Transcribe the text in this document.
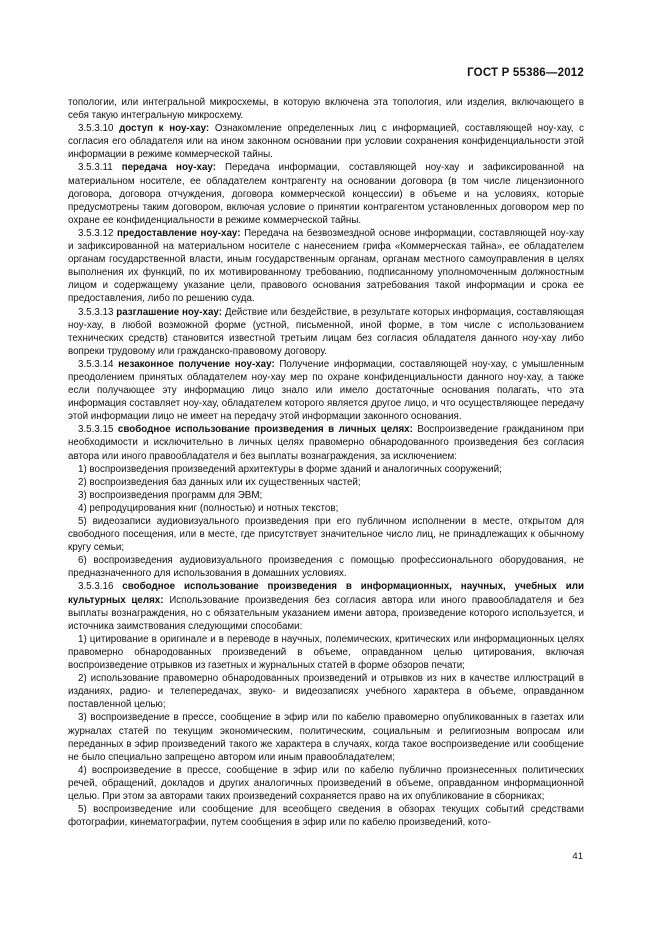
ГОСТ Р 55386—2012

топологии, или интегральной микросхемы, в которую включена эта топология, или изделия, включающего в себя такую интегральную микросхему.

3.5.3.10 доступ к ноу-хау: Ознакомление определенных лиц с информацией, составляющей ноу-хау, с согласия его обладателя или на ином законном основании при условии сохранения конфиденциальности этой информации в режиме коммерческой тайны.

3.5.3.11 передача ноу-хау: Передача информации, составляющей ноу-хау и зафиксированной на материальном носителе, ее обладателем контрагенту на основании договора (в том числе лицензионного договора, договора отчуждения, договора коммерческой концессии) в объеме и на условиях, которые предусмотрены таким договором, включая условие о принятии контрагентом установленных договором мер по охране ее конфиденциальности в режиме коммерческой тайны.

3.5.3.12 предоставление ноу-хау: Передача на безвозмездной основе информации, составляющей ноу-хау и зафиксированной на материальном носителе с нанесением грифа «Коммерческая тайна», ее обладателем органам государственной власти, иным государственным органам, органам местного самоуправления в целях выполнения их функций, по их мотивированному требованию, подписанному уполномоченным должностным лицом и содержащему указание цели, правового основания затребования такой информации и срока ее предоставления, либо по решению суда.

3.5.3.13 разглашение ноу-хау: Действие или бездействие, в результате которых информация, составляющая ноу-хау, в любой возможной форме (устной, письменной, иной форме, в том числе с использованием технических средств) становится известной третьим лицам без согласия обладателя данного ноу-хау либо вопреки трудовому или гражданско-правовому договору.

3.5.3.14 незаконное получение ноу-хау: Получение информации, составляющей ноу-хау, с умышленным преодолением принятых обладателем ноу-хау мер по охране конфиденциальности данного ноу-хау, а также если получающее эту информацию лицо знало или имело достаточные основания полагать, что эта информация составляет ноу-хау, обладателем которого является другое лицо, и что осуществляющее передачу этой информации лицо не имеет на передачу этой информации законного основания.

3.5.3.15 свободное использование произведения в личных целях: Воспроизведение гражданином при необходимости и исключительно в личных целях правомерно обнародованного произведения без согласия автора или иного правообладателя и без выплаты вознаграждения, за исключением:

1) воспроизведения произведений архитектуры в форме зданий и аналогичных сооружений;

2) воспроизведения баз данных или их существенных частей;

3) воспроизведения программ для ЭВМ;

4) репродуцирования книг (полностью) и нотных текстов;

5) видеозаписи аудиовизуального произведения при его публичном исполнении в месте, открытом для свободного посещения, или в месте, где присутствует значительное число лиц, не принадлежащих к обычному кругу семьи;

6) воспроизведения аудиовизуального произведения с помощью профессионального оборудования, не предназначенного для использования в домашних условиях.

3.5.3.16 свободное использование произведения в информационных, научных, учебных или культурных целях: Использование произведения без согласия автора или иного правообладателя и без выплаты вознаграждения, но с обязательным указанием имени автора, произведение которого используется, и источника заимствования следующими способами:

1) цитирование в оригинале и в переводе в научных, полемических, критических или информационных целях правомерно обнародованных произведений в объеме, оправданном целью цитирования, включая воспроизведение отрывков из газетных и журнальных статей в форме обзоров печати;

2) использование правомерно обнародованных произведений и отрывков из них в качестве иллюстраций в изданиях, радио- и телепередачах, звуко- и видеозаписях учебного характера в объеме, оправданном поставленной целью;

3) воспроизведение в прессе, сообщение в эфир или по кабелю правомерно опубликованных в газетах или журналах статей по текущим экономическим, политическим, социальным и религиозным вопросам или переданных в эфир произведений такого же характера в случаях, когда такое воспроизведение или сообщение не было специально запрещено автором или иным правообладателем;

4) воспроизведение в прессе, сообщение в эфир или по кабелю публично произнесенных политических речей, обращений, докладов и других аналогичных произведений в объеме, оправданном информационной целью. При этом за авторами таких произведений сохраняется право на их опубликование в сборниках;

5) воспроизведение или сообщение для всеобщего сведения в обзорах текущих событий средствами фотографии, кинематографии, путем сообщения в эфир или по кабелю произведений, кото-

41
